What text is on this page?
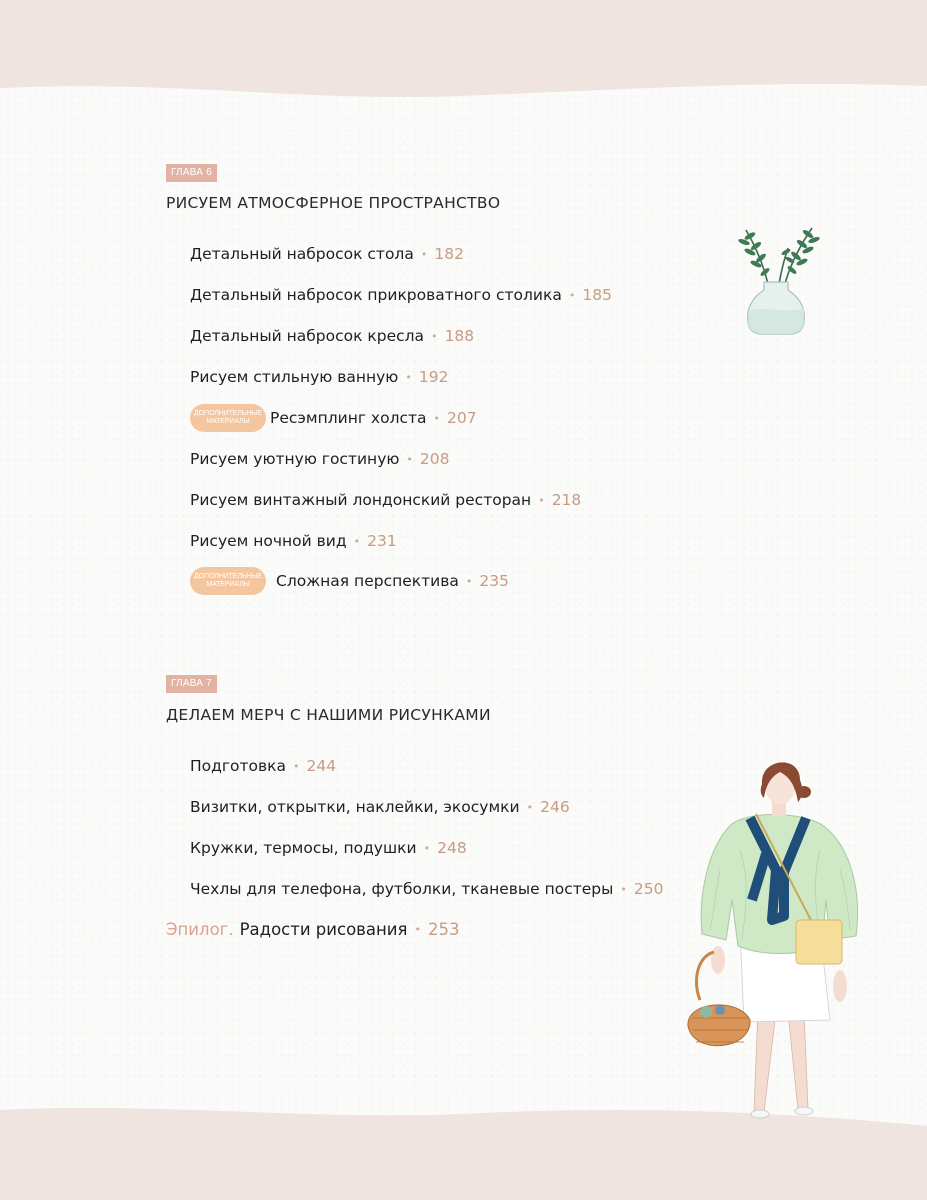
ГЛАВА 6
РИСУЕМ АТМОСФЕРНОЕ ПРОСТРАНСТВО
Детальный набросок стола • 182
Детальный набросок прикроватного столика • 185
Детальный набросок кресла • 188
Рисуем стильную ванную • 192
ДОПОЛНИТЕЛЬНЫЕ
МАТЕРИАЛЫ Ресэмплинг холста • 207
Рисуем уютную гостиную • 208
Рисуем винтажный лондонский ресторан • 218
Рисуем ночной вид • 231
ДОПОЛНИТЕЛЬНЫЕ
МАТЕРИАЛЫ Сложная перспектива • 235
ГЛАВА 7
ДЕЛАЕМ МЕРЧ С НАШИМИ РИСУНКАМИ
Подготовка • 244
Визитки, открытки, наклейки, экосумки • 246
Кружки, термосы, подушки • 248
Чехлы для телефона, футболки, тканевые постеры • 250
Эпилог. Радости рисования • 253
